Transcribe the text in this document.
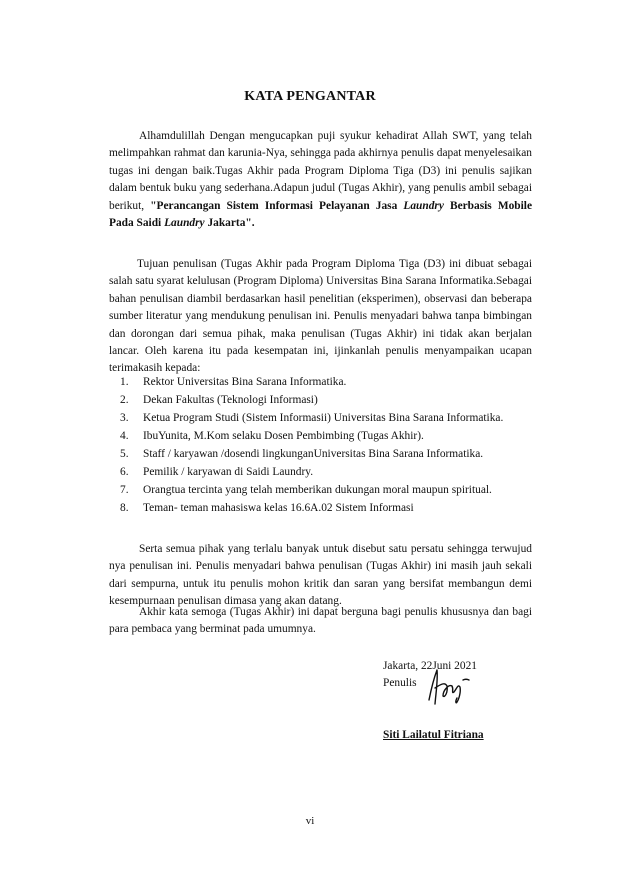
KATA PENGANTAR
Alhamdulillah Dengan mengucapkan puji syukur kehadirat Allah SWT, yang telah melimpahkan rahmat dan karunia-Nya, sehingga pada akhirnya penulis dapat menyelesaikan tugas ini dengan baik.Tugas Akhir pada Program Diploma Tiga (D3) ini penulis sajikan dalam bentuk buku yang sederhana.Adapun judul (Tugas Akhir), yang penulis ambil sebagai berikut, "Perancangan Sistem Informasi Pelayanan Jasa Laundry Berbasis Mobile Pada Saidi Laundry Jakarta".
Tujuan penulisan (Tugas Akhir pada Program Diploma Tiga (D3) ini dibuat sebagai salah satu syarat kelulusan (Program Diploma) Universitas Bina Sarana Informatika.Sebagai bahan penulisan diambil berdasarkan hasil penelitian (eksperimen), observasi dan beberapa sumber literatur yang mendukung penulisan ini. Penulis menyadari bahwa tanpa bimbingan dan dorongan dari semua pihak, maka penulisan (Tugas Akhir) ini tidak akan berjalan lancar. Oleh karena itu pada kesempatan ini, ijinkanlah penulis menyampaikan ucapan terimakasih kepada:
1. Rektor Universitas Bina Sarana Informatika.
2. Dekan Fakultas (Teknologi Informasi)
3. Ketua Program Studi (Sistem Informasii) Universitas Bina Sarana Informatika.
4. IbuYunita, M.Kom selaku Dosen Pembimbing (Tugas Akhir).
5. Staff / karyawan /dosendi lingkunganUniversitas Bina Sarana Informatika.
6. Pemilik / karyawan di Saidi Laundry.
7. Orangtua tercinta yang telah memberikan dukungan moral maupun spiritual.
8. Teman- teman mahasiswa kelas 16.6A.02 Sistem Informasi
Serta semua pihak yang terlalu banyak untuk disebut satu persatu sehingga terwujud nya penulisan ini. Penulis menyadari bahwa penulisan (Tugas Akhir) ini masih jauh sekali dari sempurna, untuk itu penulis mohon kritik dan saran yang bersifat membangun demi kesempurnaan penulisan dimasa yang akan datang.
Akhir kata semoga (Tugas Akhir) ini dapat berguna bagi penulis khususnya dan bagi para pembaca yang berminat pada umumnya.
Jakarta, 22Juni 2021
Penulis
Siti Lailatul Fitriana
vi
